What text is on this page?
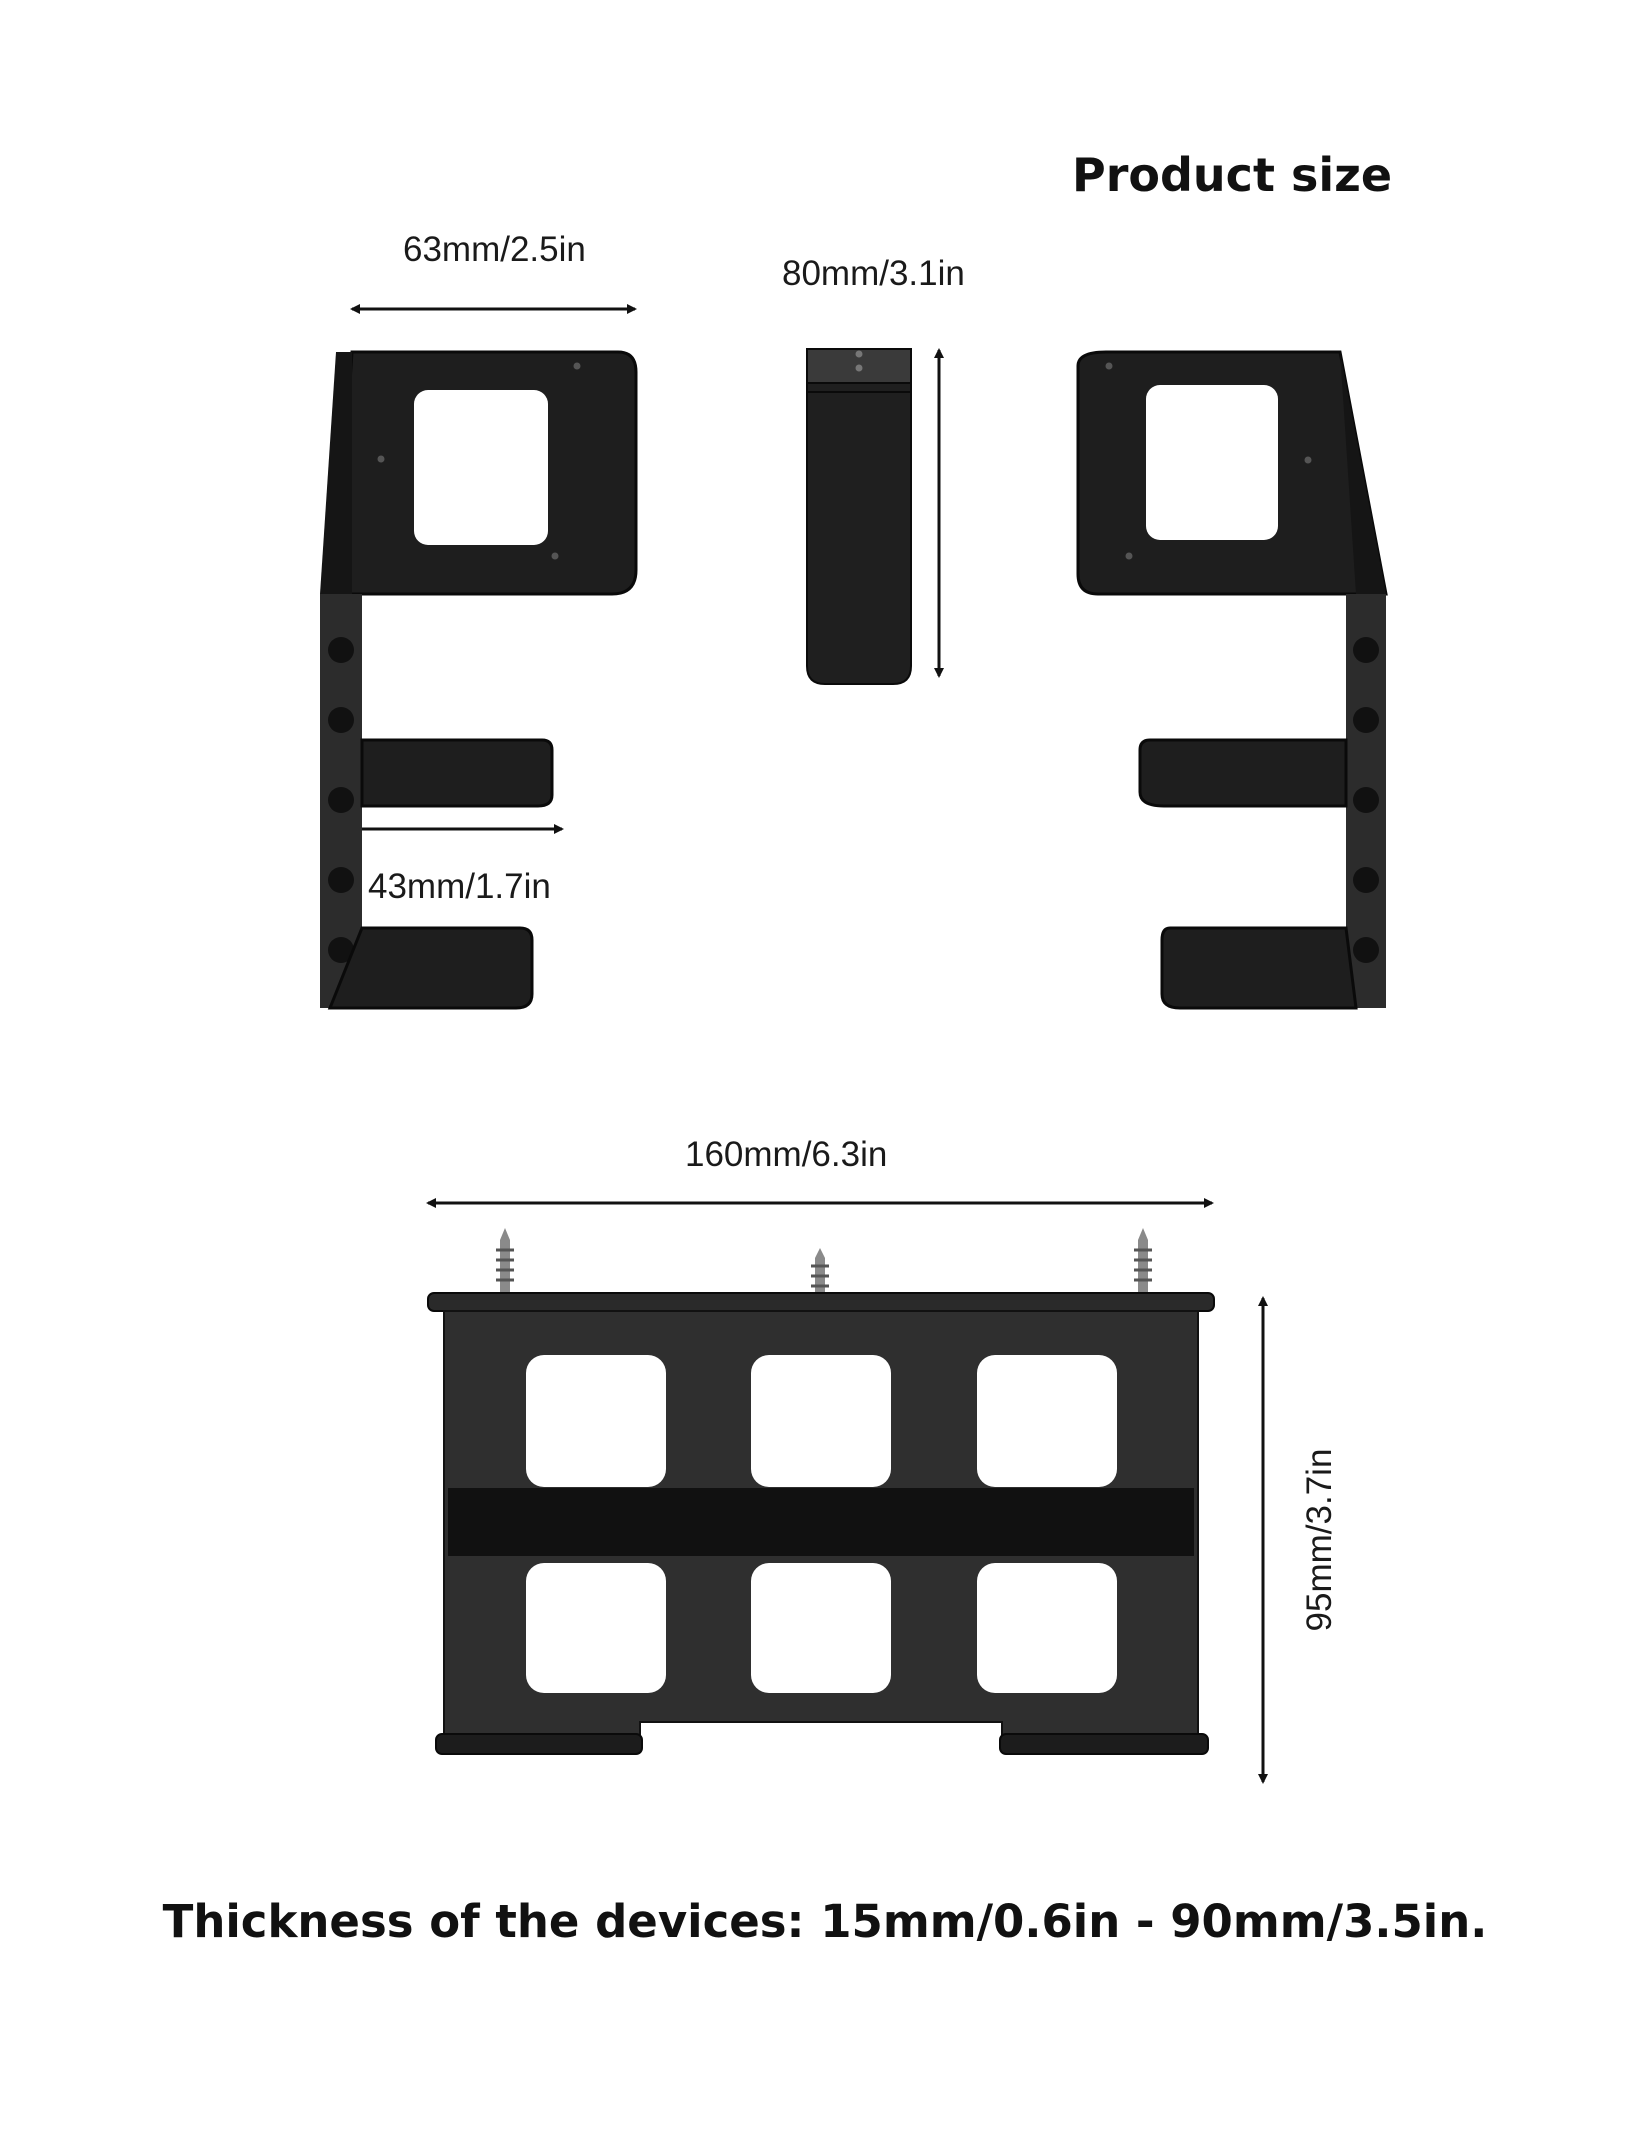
Product size
63mm/2.5in
80mm/3.1in
43mm/1.7in
160mm/6.3in
95mm/3.7in
Thickness of the devices: 15mm/0.6in - 90mm/3.5in.
